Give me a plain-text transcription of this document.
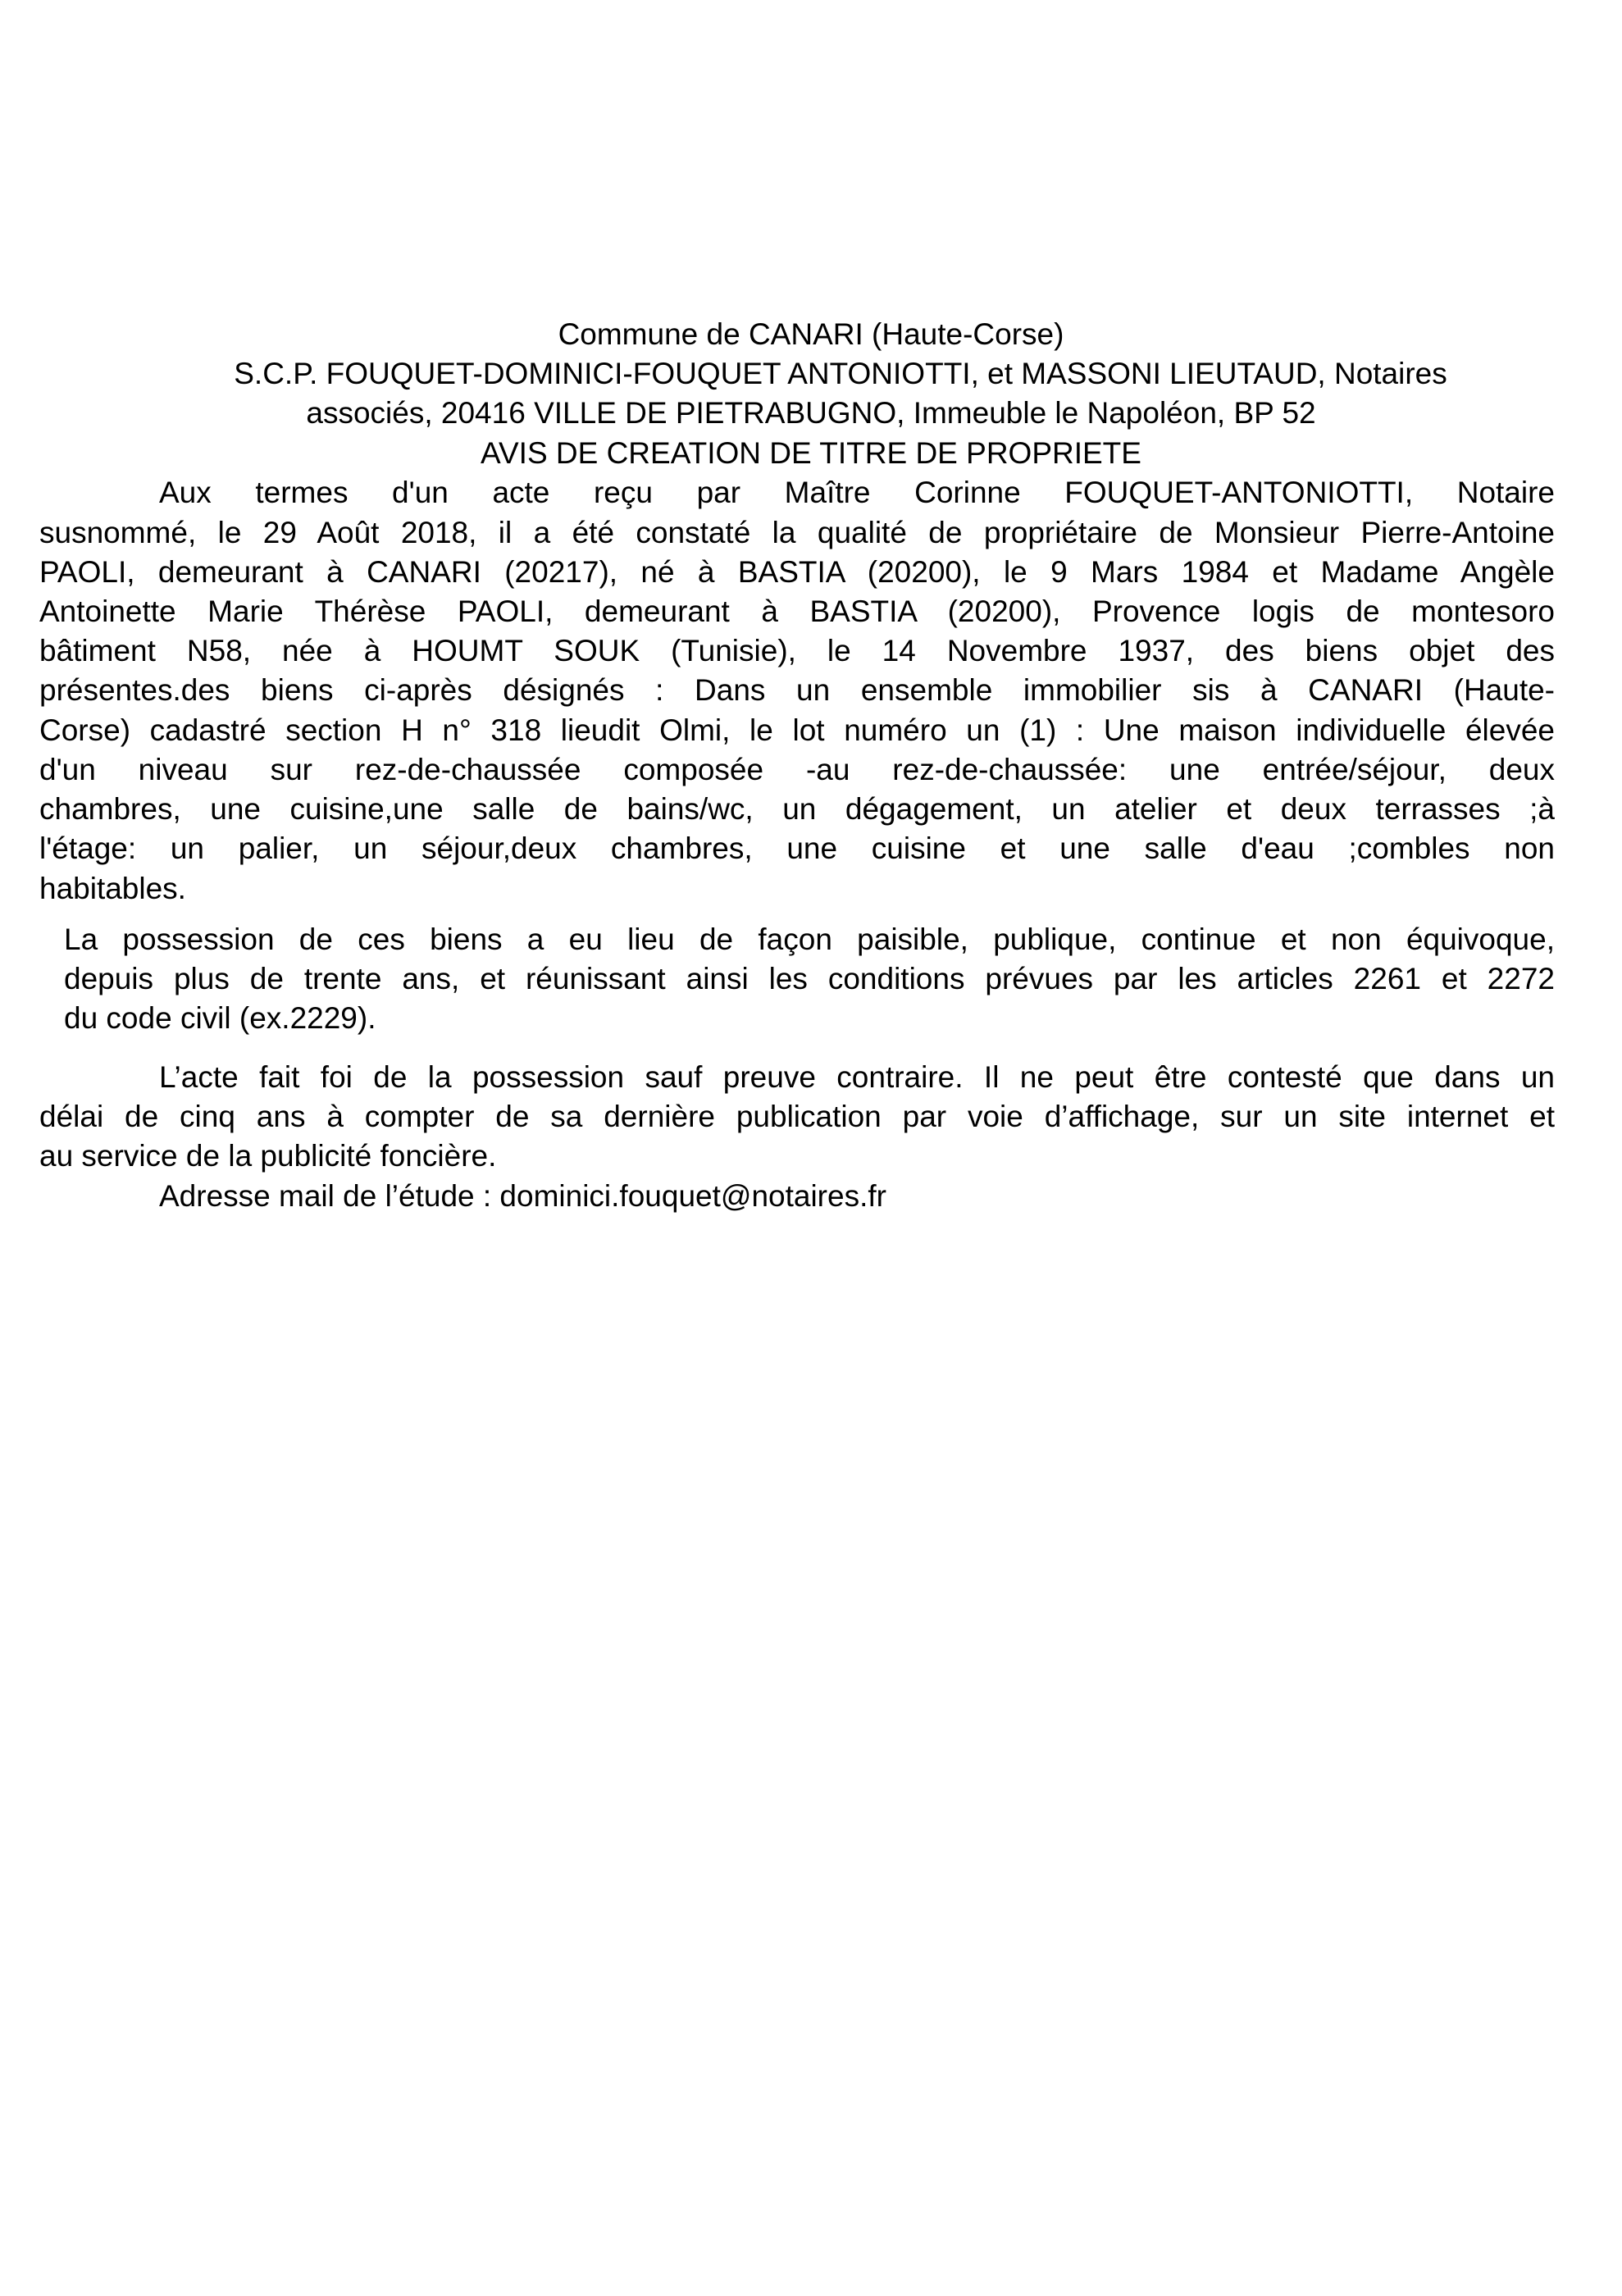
Commune de CANARI (Haute-Corse)
S.C.P. FOUQUET-DOMINICI-FOUQUET ANTONIOTTI, et MASSONI LIEUTAUD, Notaires
associés, 20416 VILLE DE PIETRABUGNO, Immeuble le Napoléon, BP 52
AVIS DE CREATION DE TITRE DE PROPRIETE
Aux termes d'un acte reçu par Maître Corinne FOUQUET-ANTONIOTTI, Notaire
susnommé, le 29 Août 2018, il a été constaté la qualité de propriétaire de Monsieur Pierre-Antoine
PAOLI, demeurant à CANARI (20217), né à BASTIA (20200), le 9 Mars 1984 et Madame Angèle
Antoinette Marie Thérèse PAOLI, demeurant à BASTIA (20200), Provence logis de montesoro
bâtiment N58, née à HOUMT SOUK (Tunisie), le 14 Novembre 1937, des biens objet des
présentes.des biens ci-après désignés : Dans un ensemble immobilier sis à CANARI (Haute-
Corse) cadastré section H n° 318 lieudit Olmi, le lot numéro un (1) : Une maison individuelle élevée
d'un niveau sur rez-de-chaussée composée -au rez-de-chaussée: une entrée/séjour, deux
chambres, une cuisine,une salle de bains/wc, un dégagement, un atelier et deux terrasses ;à
l'étage: un palier, un séjour,deux chambres, une cuisine et une salle d'eau ;combles non
habitables.
La possession de ces biens a eu lieu de façon paisible, publique, continue et non équivoque,
depuis plus de trente ans, et réunissant ainsi les conditions prévues par les articles 2261 et 2272
du code civil (ex.2229).
L’acte fait foi de la possession sauf preuve contraire. Il ne peut être contesté que dans un
délai de cinq ans à compter de sa dernière publication par voie d’affichage, sur un site internet et
au service de la publicité foncière.
Adresse mail de l’étude : dominici.fouquet@notaires.fr
